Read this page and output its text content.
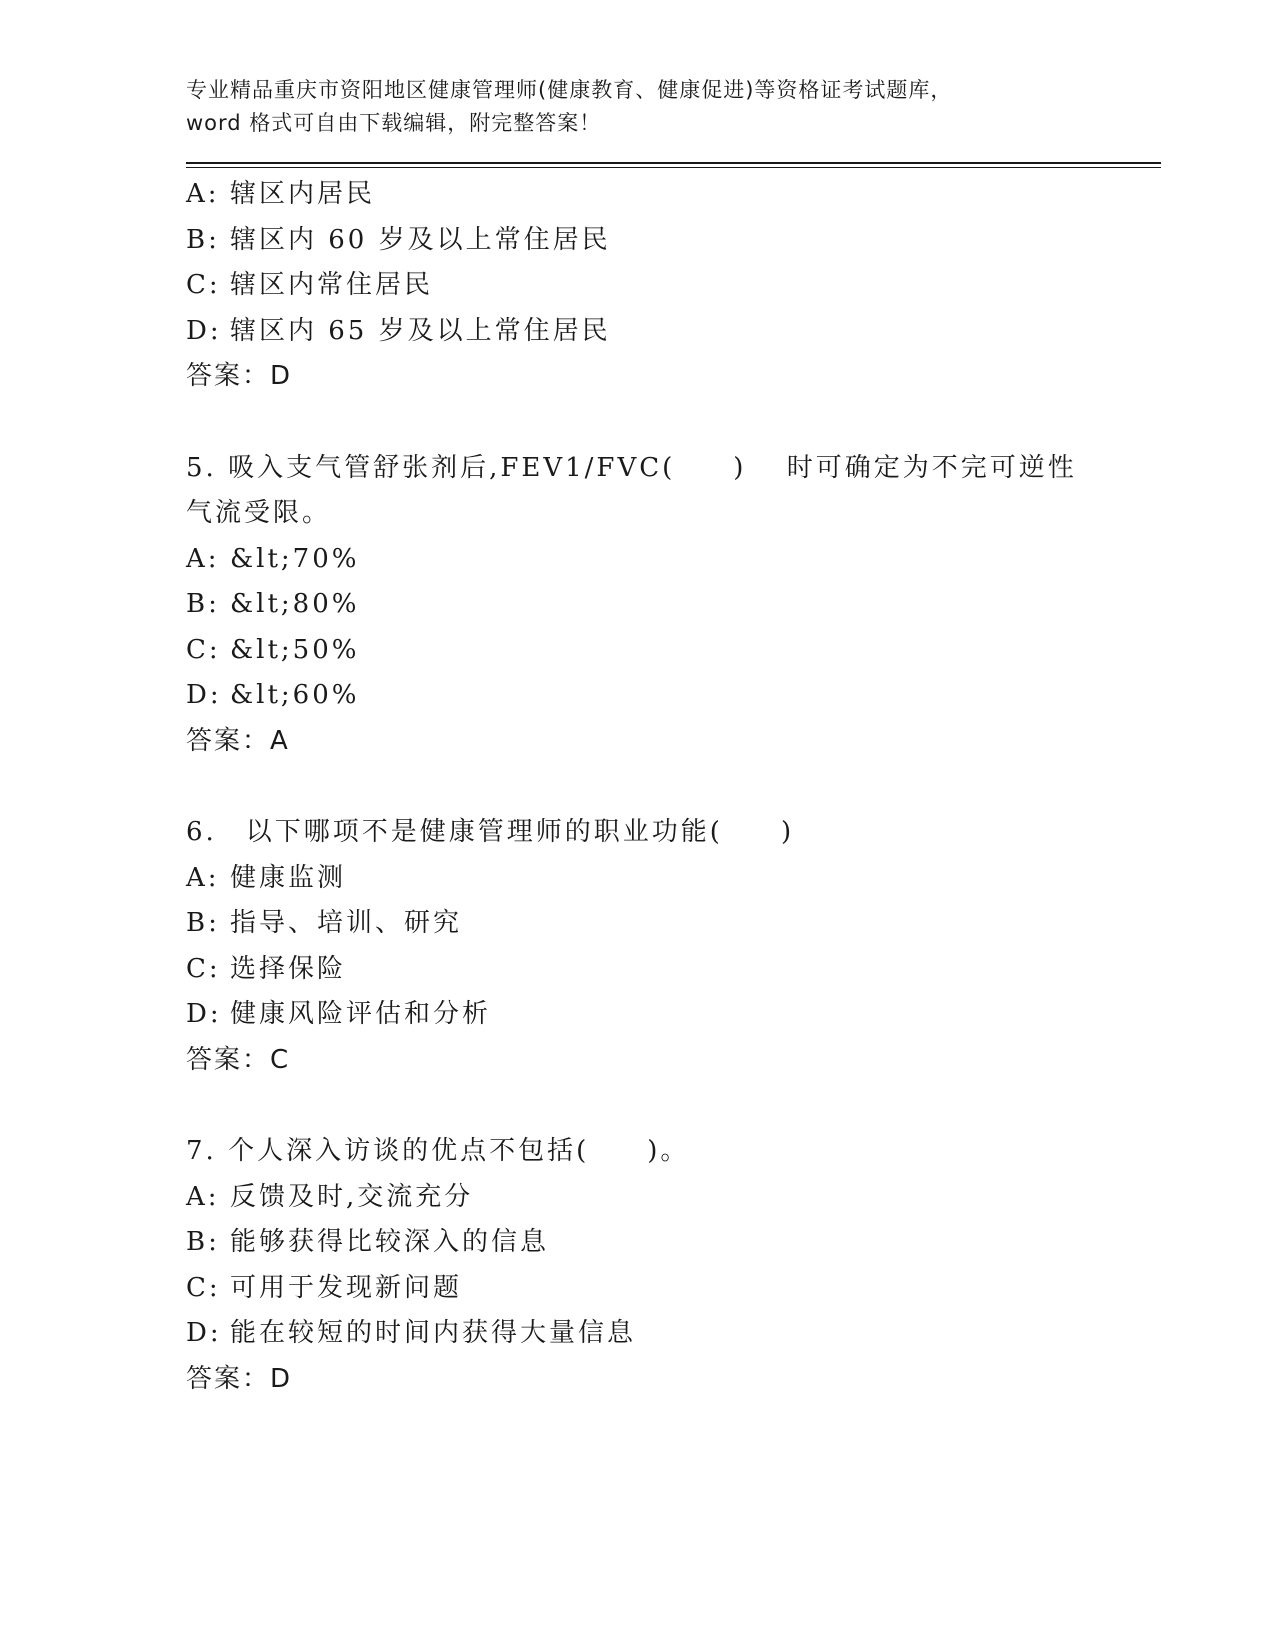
专业精品重庆市资阳地区健康管理师(健康教育、健康促进)等资格证考试题库，
word 格式可自由下载编辑，附完整答案！
A: 辖区内居民
B: 辖区内 60 岁及以上常住居民
C: 辖区内常住居民
D: 辖区内 65 岁及以上常住居民
答案：D
5. 吸入支气管舒张剂后,FEV1/FVC(　　)　 时可确定为不完可逆性气流受限。
A: &lt;70%
B: &lt;80%
C: &lt;50%
D: &lt;60%
答案：A
6.　以下哪项不是健康管理师的职业功能(　　)
A: 健康监测
B: 指导、培训、研究
C: 选择保险
D: 健康风险评估和分析
答案：C
7. 个人深入访谈的优点不包括(　　)。
A: 反馈及时,交流充分
B: 能够获得比较深入的信息
C: 可用于发现新问题
D: 能在较短的时间内获得大量信息
答案：D
